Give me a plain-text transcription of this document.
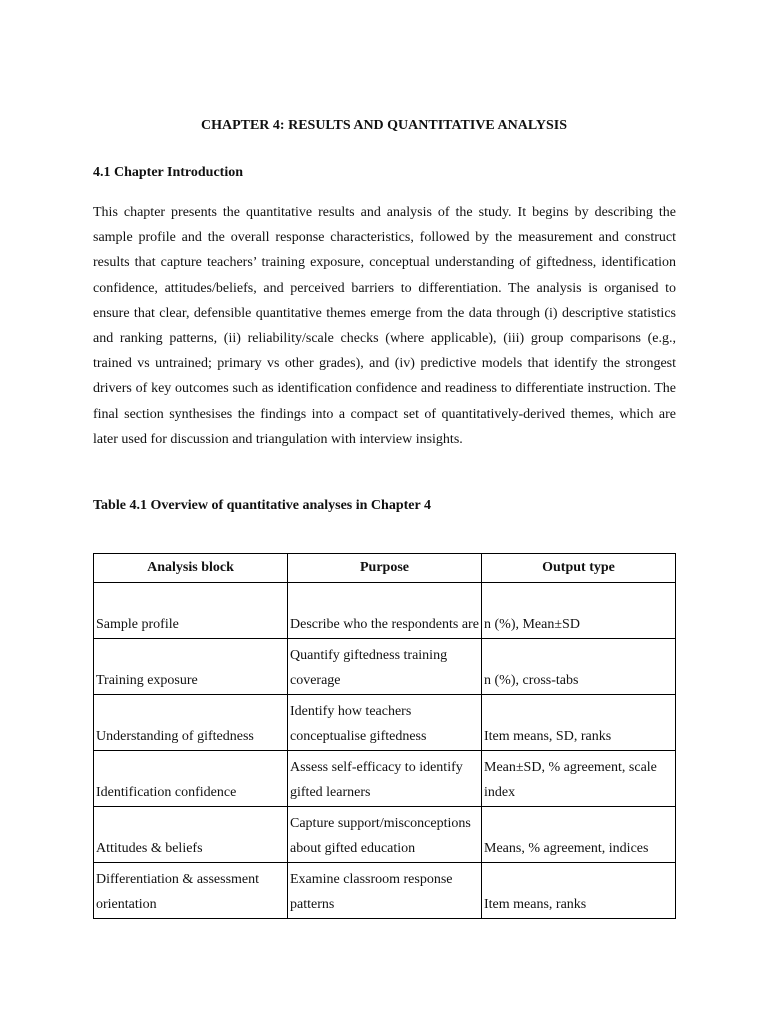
CHAPTER 4: RESULTS AND QUANTITATIVE ANALYSIS
4.1 Chapter Introduction

This chapter presents the quantitative results and analysis of the study. It begins by describing the sample profile and the overall response characteristics, followed by the measurement and construct results that capture teachers’ training exposure, conceptual understanding of giftedness, identification confidence, attitudes/beliefs, and perceived barriers to differentiation. The analysis is organised to ensure that clear, defensible quantitative themes emerge from the data through (i) descriptive statistics and ranking patterns, (ii) reliability/scale checks (where applicable), (iii) group comparisons (e.g., trained vs untrained; primary vs other grades), and (iv) predictive models that identify the strongest drivers of key outcomes such as identification confidence and readiness to differentiate instruction. The final section synthesises the findings into a compact set of quantitatively-derived themes, which are later used for discussion and triangulation with interview insights.

Table 4.1 Overview of quantitative analyses in Chapter 4
Analysis block	Purpose	Output type
Sample profile	Describe who the respondents are	n (%), Mean±SD
Training exposure	Quantify giftedness training coverage	n (%), cross-tabs
Understanding of giftedness	Identify how teachers conceptualise giftedness	Item means, SD, ranks
Identification confidence	Assess self-efficacy to identify gifted learners	Mean±SD, % agreement, scale index
Attitudes & beliefs	Capture support/misconceptions about gifted education	Means, % agreement, indices
Differentiation & assessment orientation	Examine classroom response patterns	Item means, ranks
